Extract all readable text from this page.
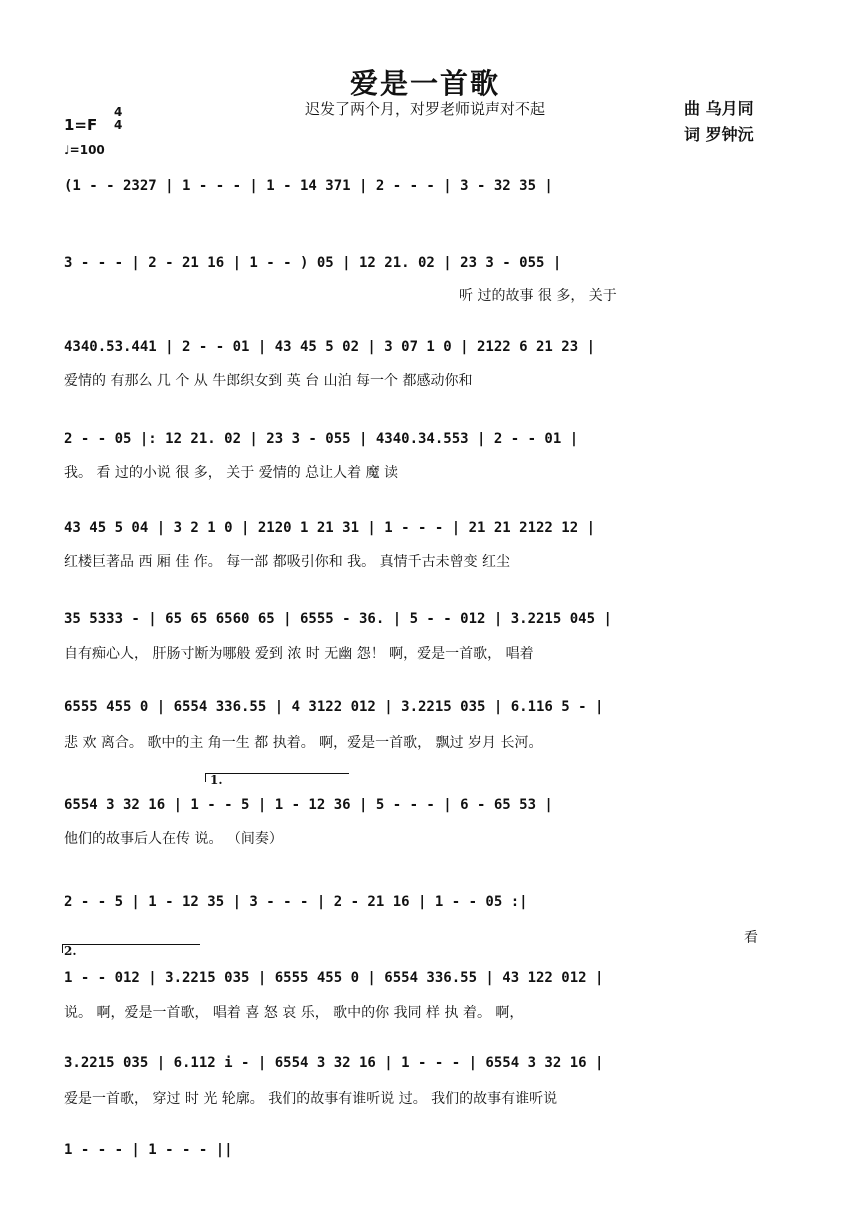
爱是一首歌
迟发了两个月，对罗老师说声对不起	曲 乌月同
词 罗钟沅
1=F
4
4
♩=100
(1 - - 2327 | 1 - - - | 1 - 14 371 | 2 - - - | 3 - 32 35 |
3 - - - | 2 - 21 16 | 1 - - ) 05 | 12 21. 02 | 23 3 - 055 |
听 过的故事 很 多， 关于
4340.53.441 | 2 - - 01 | 43 45 5 02 | 3 07 1 0 | 2122 6 21 23 |
爱情的 有那么 几 个 从 牛郎织女到 英 台 山泊 每一个 都感动你和
2 - - 05 |: 12 21. 02 | 23 3 - 055 | 4340.34.553 | 2 - - 01 |
我。 看 过的小说 很 多， 关于 爱情的 总让人着 魔 读
43 45 5 04 | 3 2 1 0 | 2120 1 21 31 | 1 - - - | 21 21 2122 12 |
红楼巨著品 西 厢 佳 作。 每一部 都吸引你和 我。 真情千古未曾变 红尘
35 5333 - | 65 65 6560 65 | 6555 - 36. | 5 - - 012 | 3.2215 045 |
自有痴心人， 肝肠寸断为哪般 爱到 浓 时 无幽 怨！ 啊，爱是一首歌， 唱着
6555 455 0 | 6554 336.55 | 4 3122 012 | 3.2215 035 | 6.116 5 - |
悲 欢 离合。 歌中的主 角一生 都 执着。 啊，爱是一首歌， 飘过 岁月 长河。
1.
6554 3 32 16 | 1 - - 5 | 1 - 12 36 | 5 - - - | 6 - 65 53 |
他们的故事后人在传 说。 （间奏）
2 - - 5 | 1 - 12 35 | 3 - - - | 2 - 21 16 | 1 - - 05 :|
看
2.
1 - - 012 | 3.2215 035 | 6555 455 0 | 6554 336.55 | 43 122 012 |
说。 啊，爱是一首歌， 唱着 喜 怒 哀 乐， 歌中的你 我同 样 执 着。 啊，
3.2215 035 | 6.112 i - | 6554 3 32 16 | 1 - - - | 6554 3 32 16 |
爱是一首歌， 穿过 时 光 轮廓。 我们的故事有谁听说 过。 我们的故事有谁听说
1 - - - | 1 - - - ||
